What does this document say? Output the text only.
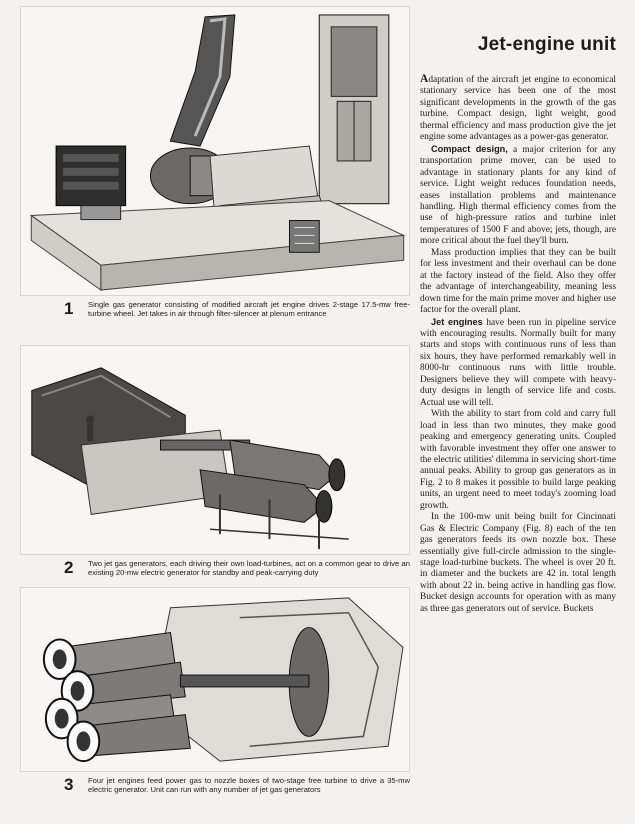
1	Single gas generator consisting of modified aircraft jet engine drives 2-stage 17.5-mw free-turbine wheel. Jet takes in air through filter-silencer at plenum entrance
2	Two jet gas generators, each driving their own load-turbines, act on a common gear to drive an existing 20-mw electric generator for standby and peak-carrying duty
3	Four jet engines feed power gas to nozzle boxes of two-stage free turbine to drive a 35-mw electric generator. Unit can run with any number of jet gas generators
Jet-engine unit

Adaptation of the aircraft jet engine to economical stationary service has been one of the most significant developments in the growth of the gas turbine. Compact design, light weight, good thermal efficiency and mass production give the jet engine some advantages as a power-gas generator.

Compact design, a major criterion for any transportation prime mover, can be used to advantage in stationary plants for any kind of service. Light weight reduces foundation needs, eases installation problems and maintenance handling. High thermal efficiency comes from the use of high-pressure ratios and turbine inlet temperatures of 1500 F and above; jets, though, are more critical about the fuel they'll burn.

Mass production implies that they can be built for less investment and their overhaul can be done at the factory instead of the field. Also they offer the advantage of interchangeability, meaning less down time for the main prime mover and higher use factor for the overall plant.

Jet engines have been run in pipeline service with encouraging results. Normally built for many starts and stops with continuous runs of less than six hours, they have performed remarkably well in 8000-hr continuous runs with little trouble. Designers believe they will compete with heavy-duty designs in length of service life and costs. Actual use will tell.

With the ability to start from cold and carry full load in less than two minutes, they make good peaking and emergency generating units. Coupled with favorable investment they offer one answer to the electric utilities' dilemma in servicing short-time annual peaks. Ability to group gas generators as in Fig. 2 to 8 makes it possible to build large peaking units, an urgent need to meet today's zooming load growth.

In the 100-mw unit being built for Cincinnati Gas & Electric Company (Fig. 8) each of the ten gas generators feeds its own nozzle box. These essentially give full-circle admission to the single-stage load-turbine buckets. The wheel is over 20 ft. in diameter and the buckets are 42 in. total length with about 22 in. being active in handling gas flow. Bucket design accounts for operation with as many as three gas generators out of service. Buckets
